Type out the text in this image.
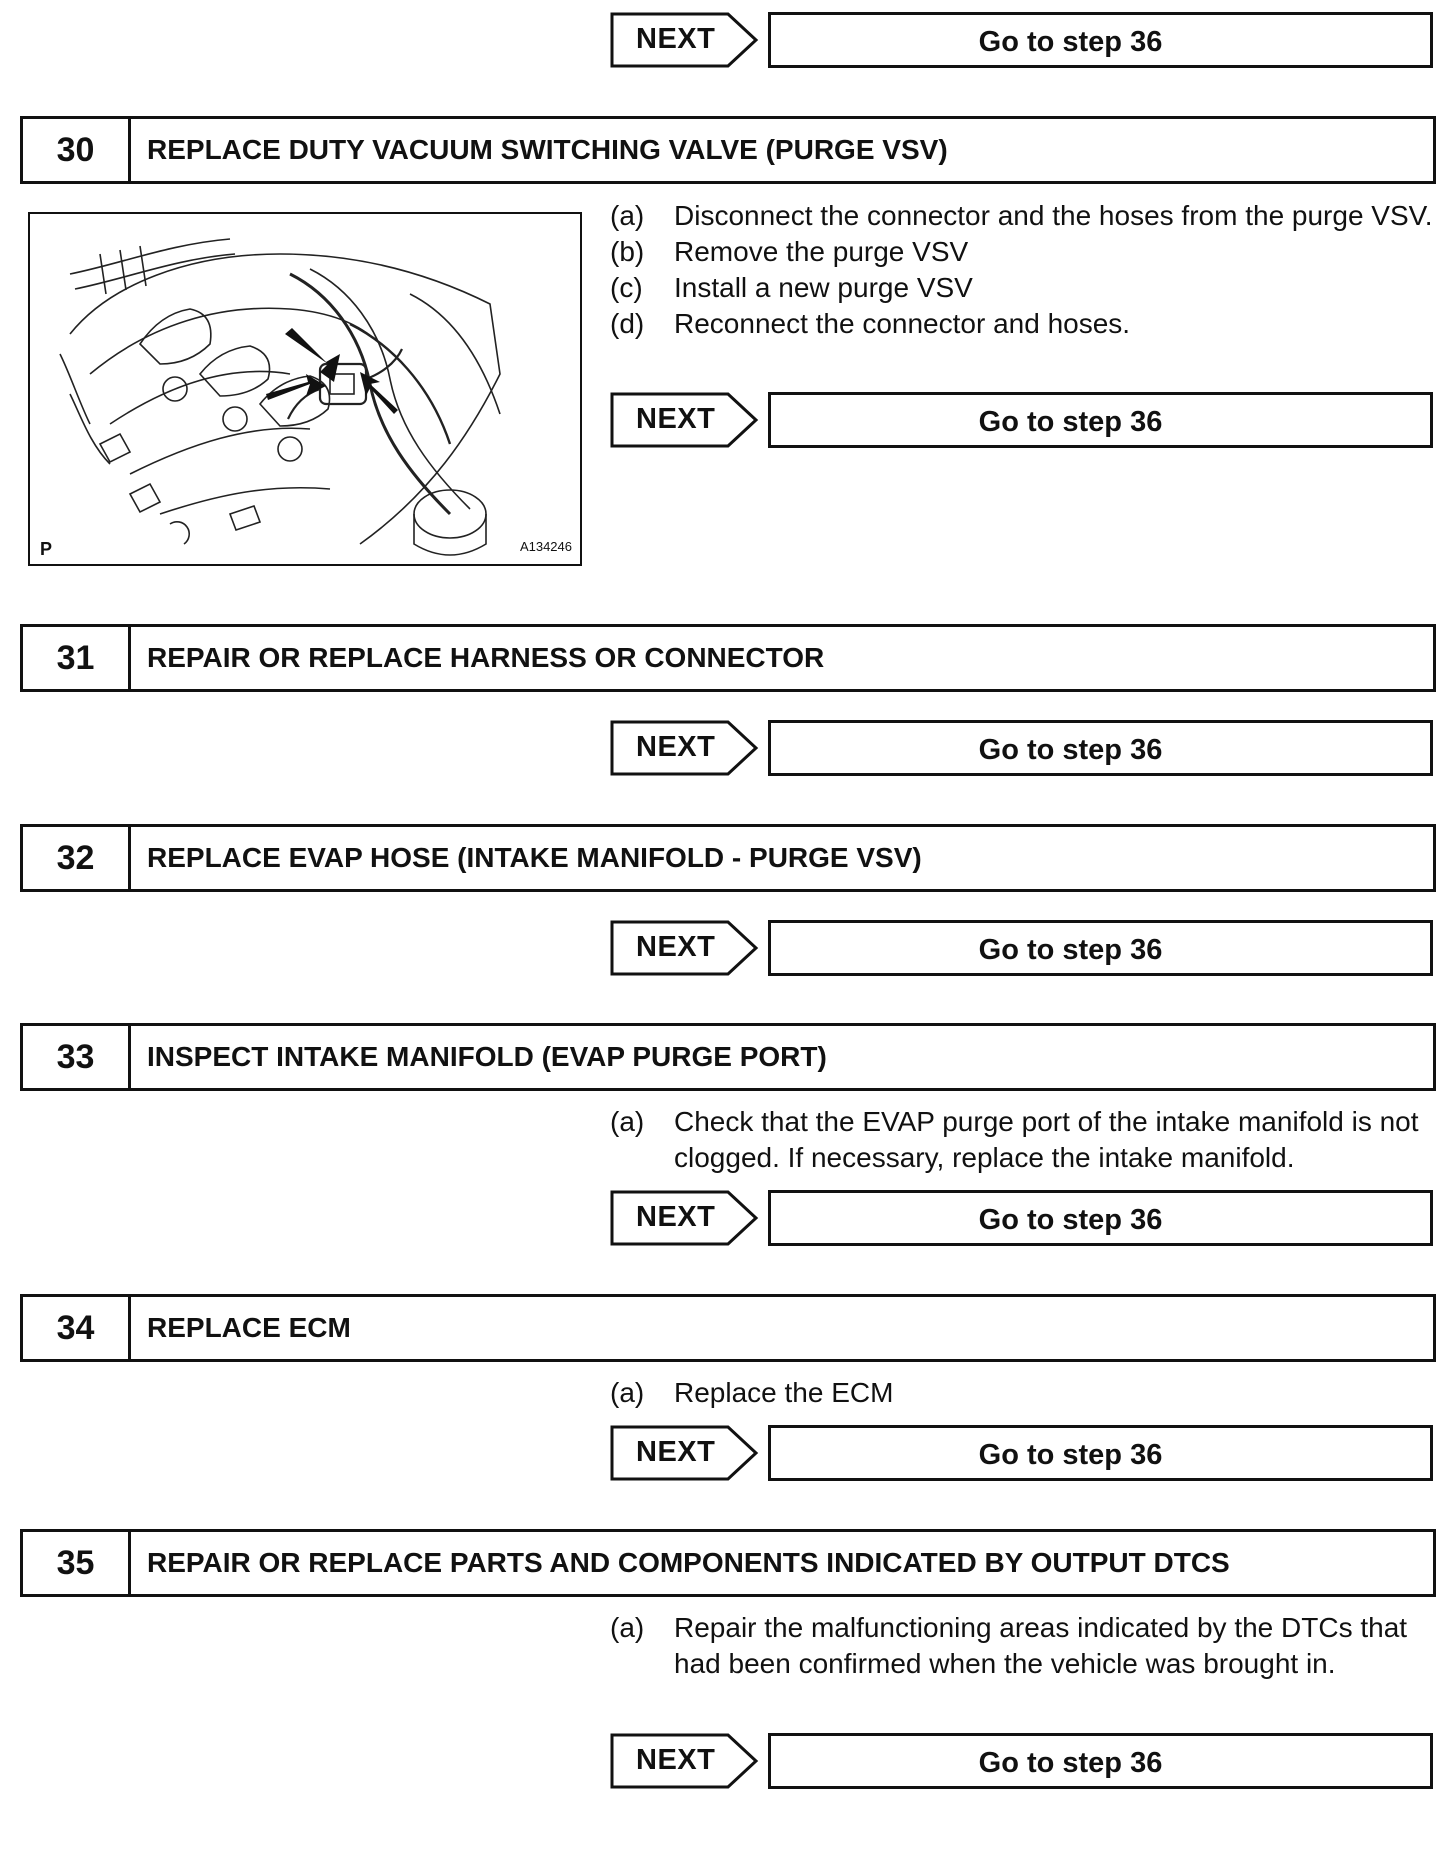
NEXT	Go to step 36
30	REPLACE DUTY VACUUM SWITCHING VALVE (PURGE VSV)
P	A134246
(a) Disconnect the connector and the hoses from the purge VSV.
(b) Remove the purge VSV
(c) Install a new purge VSV
(d) Reconnect the connector and hoses.
NEXT	Go to step 36
31	REPAIR OR REPLACE HARNESS OR CONNECTOR
NEXT	Go to step 36
32	REPLACE EVAP HOSE (INTAKE MANIFOLD - PURGE VSV)
NEXT	Go to step 36
33	INSPECT INTAKE MANIFOLD (EVAP PURGE PORT)
(a) Check that the EVAP purge port of the intake manifold is not clogged. If necessary, replace the intake manifold.
NEXT	Go to step 36
34	REPLACE ECM
(a) Replace the ECM
NEXT	Go to step 36
35	REPAIR OR REPLACE PARTS AND COMPONENTS INDICATED BY OUTPUT DTCS
(a) Repair the malfunctioning areas indicated by the DTCs that had been confirmed when the vehicle was brought in.
NEXT	Go to step 36
